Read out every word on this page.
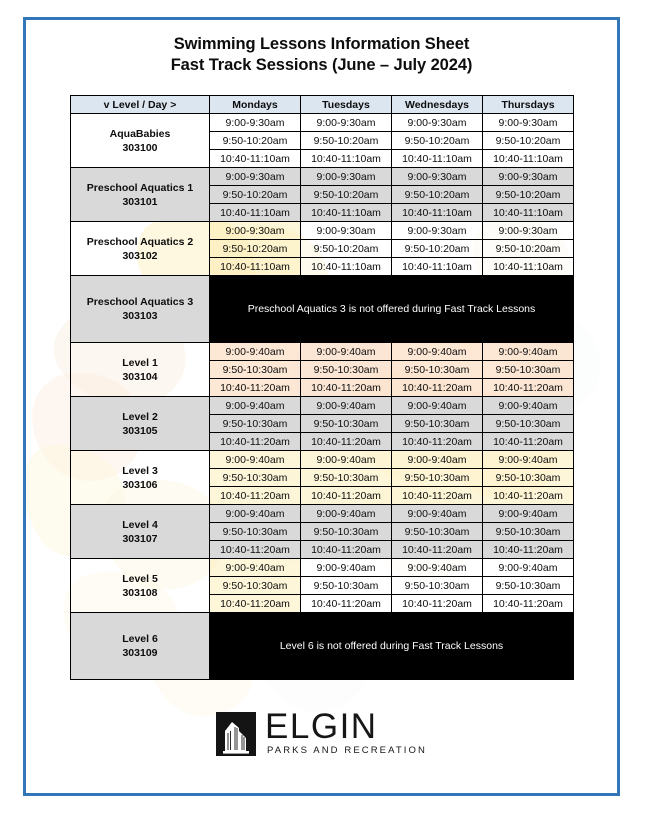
Swimming Lessons Information Sheet
Fast Track Sessions (June – July 2024)
v Level / Day >	Mondays	Tuesdays	Wednesdays	Thursdays

AquaBabies
303100	9:00-9:30am	9:00-9:30am	9:00-9:30am	9:00-9:30am
	9:50-10:20am	9:50-10:20am	9:50-10:20am	9:50-10:20am
	10:40-11:10am	10:40-11:10am	10:40-11:10am	10:40-11:10am

Preschool Aquatics 1
303101	9:00-9:30am	9:00-9:30am	9:00-9:30am	9:00-9:30am
	9:50-10:20am	9:50-10:20am	9:50-10:20am	9:50-10:20am
	10:40-11:10am	10:40-11:10am	10:40-11:10am	10:40-11:10am

Preschool Aquatics 2
303102	9:00-9:30am	9:00-9:30am	9:00-9:30am	9:00-9:30am
	9:50-10:20am	9:50-10:20am	9:50-10:20am	9:50-10:20am
	10:40-11:10am	10:40-11:10am	10:40-11:10am	10:40-11:10am

Preschool Aquatics 3
303103	Preschool Aquatics 3 is not offered during Fast Track Lessons			

Level 1
303104	9:00-9:40am	9:00-9:40am	9:00-9:40am	9:00-9:40am
	9:50-10:30am	9:50-10:30am	9:50-10:30am	9:50-10:30am
	10:40-11:20am	10:40-11:20am	10:40-11:20am	10:40-11:20am

Level 2
303105	9:00-9:40am	9:00-9:40am	9:00-9:40am	9:00-9:40am
	9:50-10:30am	9:50-10:30am	9:50-10:30am	9:50-10:30am
	10:40-11:20am	10:40-11:20am	10:40-11:20am	10:40-11:20am

Level 3
303106	9:00-9:40am	9:00-9:40am	9:00-9:40am	9:00-9:40am
	9:50-10:30am	9:50-10:30am	9:50-10:30am	9:50-10:30am
	10:40-11:20am	10:40-11:20am	10:40-11:20am	10:40-11:20am

Level 4
303107	9:00-9:40am	9:00-9:40am	9:00-9:40am	9:00-9:40am
	9:50-10:30am	9:50-10:30am	9:50-10:30am	9:50-10:30am
	10:40-11:20am	10:40-11:20am	10:40-11:20am	10:40-11:20am

Level 5
303108	9:00-9:40am	9:00-9:40am	9:00-9:40am	9:00-9:40am
	9:50-10:30am	9:50-10:30am	9:50-10:30am	9:50-10:30am
	10:40-11:20am	10:40-11:20am	10:40-11:20am	10:40-11:20am

Level 6
303109	Level 6 is not offered during Fast Track Lessons			
ELGIN
PARKS AND RECREATION
